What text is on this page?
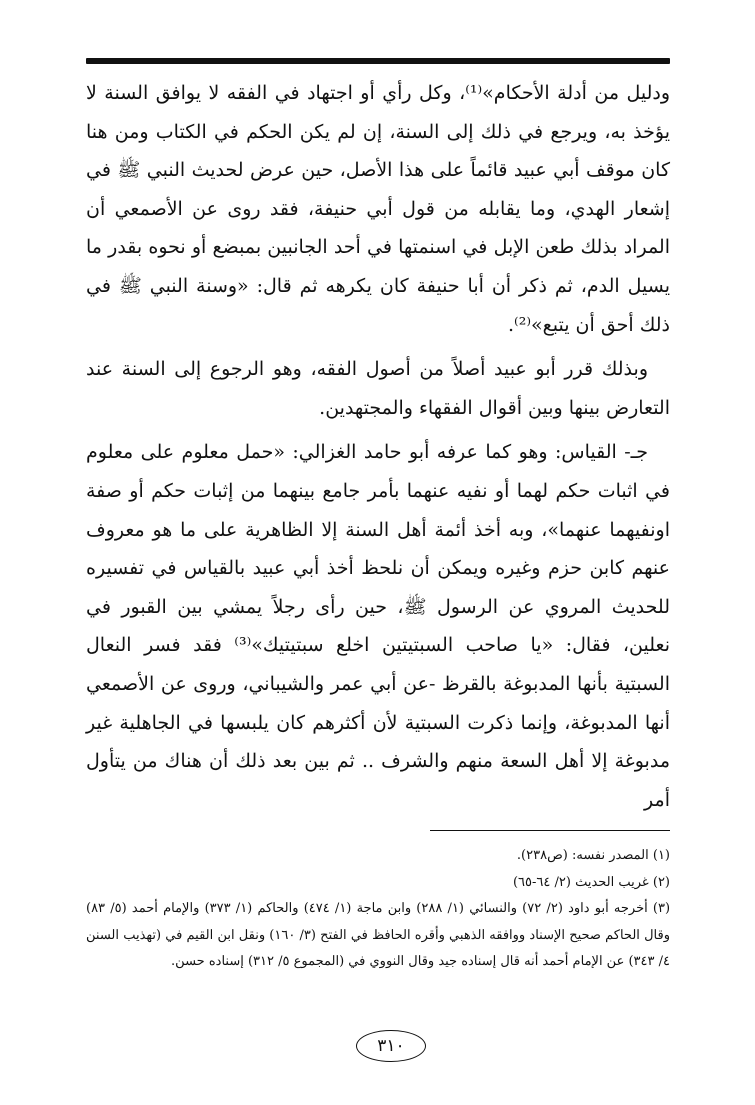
ودليل من أدلة الأحكام»⁽¹⁾، وكل رأي أو اجتهاد في الفقه لا يوافق السنة لا يؤخذ به، ويرجع في ذلك إلى السنة، إن لم يكن الحكم في الكتاب ومن هنا كان موقف أبي عبيد قائماً على هذا الأصل، حين عرض لحديث النبي ﷺ في إشعار الهدي، وما يقابله من قول أبي حنيفة، فقد روى عن الأصمعي أن المراد بذلك طعن الإبل في اسنمتها في أحد الجانبين بمبضع أو نحوه بقدر ما يسيل الدم، ثم ذكر أن أبا حنيفة كان يكرهه ثم قال: «وسنة النبي ﷺ في ذلك أحق أن يتبع»⁽²⁾.

وبذلك قرر أبو عبيد أصلاً من أصول الفقه، وهو الرجوع إلى السنة عند التعارض بينها وبين أقوال الفقهاء والمجتهدين.

جـ- القياس: وهو كما عرفه أبو حامد الغزالي: «حمل معلوم على معلوم في اثبات حكم لهما أو نفيه عنهما بأمر جامع بينهما من إثبات حكم أو صفة اونفيهما عنهما»، وبه أخذ أئمة أهل السنة إلا الظاهرية على ما هو معروف عنهم كابن حزم وغيره ويمكن أن نلحظ أخذ أبي عبيد بالقياس في تفسيره للحديث المروي عن الرسول ﷺ، حين رأى رجلاً يمشي بين القبور في نعلين، فقال: «يا صاحب السبتيتين اخلع سبتيتيك»⁽³⁾ فقد فسر النعال السبتية بأنها المدبوغة بالقرظ -عن أبي عمر والشيباني، وروى عن الأصمعي أنها المدبوغة، وإنما ذكرت السبتية لأن أكثرهم كان يلبسها في الجاهلية غير مدبوغة إلا أهل السعة منهم والشرف .. ثم بين بعد ذلك أن هناك من يتأول أمر

(١) المصدر نفسه: (ص٢٣٨).

(٢) غريب الحديث (٢/ ٦٤-٦٥)

(٣) أخرجه أبو داود (٢/ ٧٢) والنسائي (١/ ٢٨٨) وابن ماجة (١/ ٤٧٤) والحاكم (١/ ٣٧٣) والإمام أحمد (٥/ ٨٣) وقال الحاكم صحيح الإسناد ووافقه الذهبي وأقره الحافظ في الفتح (٣/ ١٦٠) ونقل ابن القيم في (تهذيب السنن ٤/ ٣٤٣) عن الإمام أحمد أنه قال إسناده جيد وقال النووي في (المجموع ٥/ ٣١٢) إسناده حسن.

٣١٠
